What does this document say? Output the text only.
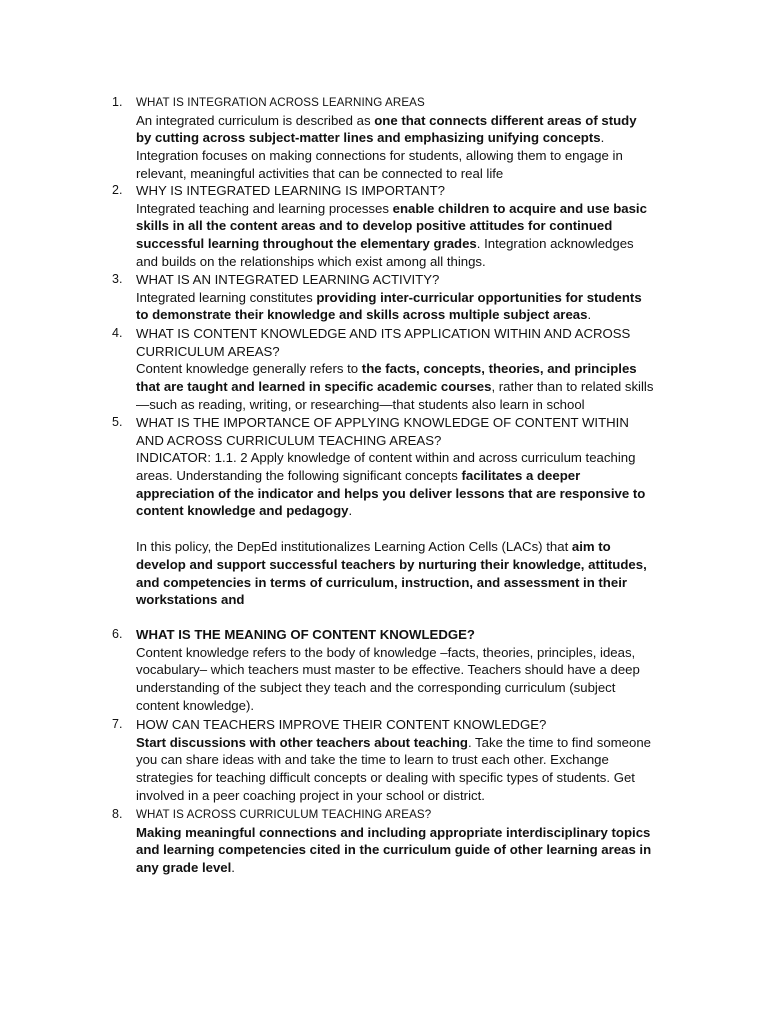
1. WHAT IS INTEGRATION ACROSS LEARNING AREAS

An integrated curriculum is described as one that connects different areas of study
by cutting across subject-matter lines and emphasizing unifying concepts.
Integration focuses on making connections for students, allowing them to engage in
relevant, meaningful activities that can be connected to real life
2. WHY IS INTEGRATED LEARNING IS IMPORTANT?

Integrated teaching and learning processes enable children to acquire and use basic
skills in all the content areas and to develop positive attitudes for continued
successful learning throughout the elementary grades. Integration acknowledges
and builds on the relationships which exist among all things.
3. WHAT IS AN INTEGRATED LEARNING ACTIVITY?

Integrated learning constitutes providing inter-curricular opportunities for students
to demonstrate their knowledge and skills across multiple subject areas.
4. WHAT IS CONTENT KNOWLEDGE AND ITS APPLICATION WITHIN AND ACROSS

CURRICULUM AREAS?

Content knowledge generally refers to the facts, concepts, theories, and principles
that are taught and learned in specific academic courses, rather than to related skills
—such as reading, writing, or researching—that students also learn in school
5. WHAT IS THE IMPORTANCE OF APPLYING KNOWLEDGE OF CONTENT WITHIN

AND ACROSS CURRICULUM TEACHING AREAS?

INDICATOR: 1.1. 2 Apply knowledge of content within and across curriculum teaching
areas. Understanding the following significant concepts facilitates a deeper
appreciation of the indicator and helps you deliver lessons that are responsive to
content knowledge and pedagogy.
In this policy, the DepEd institutionalizes Learning Action Cells (LACs) that aim to
develop and support successful teachers by nurturing their knowledge, attitudes,
and competencies in terms of curriculum, instruction, and assessment in their
workstations and
6. WHAT IS THE MEANING OF CONTENT KNOWLEDGE?

Content knowledge refers to the body of knowledge –facts, theories, principles, ideas,
vocabulary– which teachers must master to be effective. Teachers should have a deep
understanding of the subject they teach and the corresponding curriculum (subject
content knowledge).
7. HOW CAN TEACHERS IMPROVE THEIR CONTENT KNOWLEDGE?

Start discussions with other teachers about teaching. Take the time to find someone
you can share ideas with and take the time to learn to trust each other. Exchange
strategies for teaching difficult concepts or dealing with specific types of students. Get
involved in a peer coaching project in your school or district.
8. WHAT IS ACROSS CURRICULUM TEACHING AREAS?

Making meaningful connections and including appropriate interdisciplinary topics
and learning competencies cited in the curriculum guide of other learning areas in
any grade level.
